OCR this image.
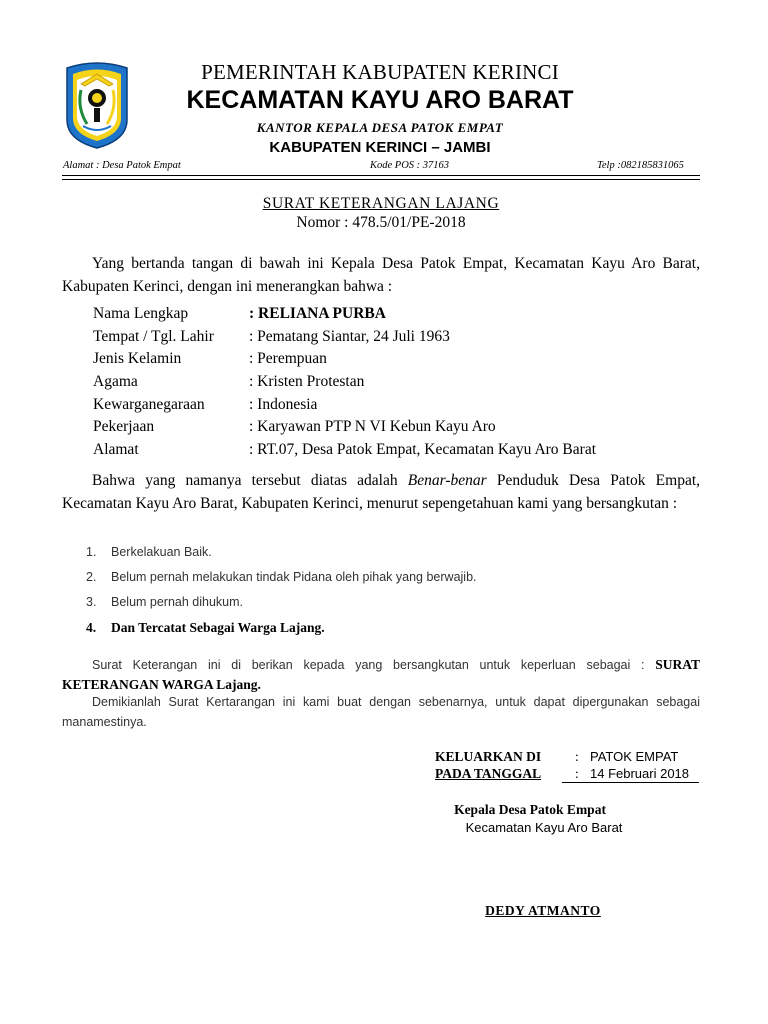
PEMERINTAH KABUPATEN KERINCI
KECAMATAN KAYU ARO BARAT
KANTOR KEPALA DESA PATOK EMPAT
KABUPATEN KERINCI – JAMBI
Alamat : Desa Patok Empat	Kode POS : 37163	Telp :082185831065
SURAT KETERANGAN LAJANG
Nomor : 478.5/01/PE-2018
Yang bertanda tangan di bawah ini Kepala Desa Patok Empat, Kecamatan Kayu Aro Barat, Kabupaten Kerinci, dengan ini menerangkan bahwa :
Nama Lengkap	: RELIANA PURBA
Tempat / Tgl. Lahir : Pematang Siantar, 24 Juli 1963
Jenis Kelamin	: Perempuan
Agama	: Kristen Protestan
Kewarganegaraan	: Indonesia
Pekerjaan	: Karyawan PTP N VI Kebun Kayu Aro
Alamat	: RT.07, Desa Patok Empat, Kecamatan Kayu Aro Barat
Bahwa yang namanya tersebut diatas adalah Benar-benar Penduduk Desa Patok Empat, Kecamatan Kayu Aro Barat, Kabupaten Kerinci, menurut sepengetahuan kami yang bersangkutan :
1. Berkelakuan Baik.
2. Belum pernah melakukan tindak Pidana oleh pihak yang berwajib.
3. Belum pernah dihukum.
4. Dan Tercatat Sebagai Warga Lajang.
Surat Keterangan ini di berikan kepada yang bersangkutan untuk keperluan sebagai : SURAT KETERANGAN WARGA Lajang.
Demikianlah Surat Kertarangan ini kami buat dengan sebenarnya, untuk dapat dipergunakan sebagai manamestinya.
KELUARKAN DI	: PATOK EMPAT
PADA TANGGAL	: 14 Februari 2018
Kepala Desa Patok Empat
Kecamatan Kayu Aro Barat
DEDY ATMANTO
